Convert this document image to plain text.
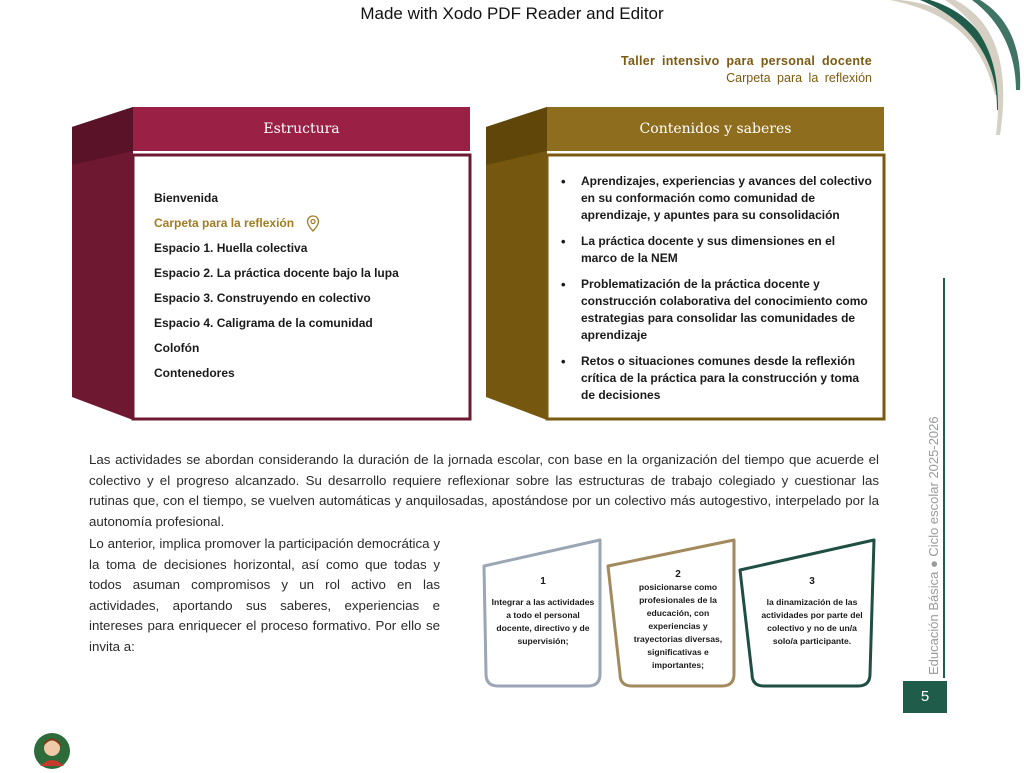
Made with Xodo PDF Reader and Editor
Taller intensivo para personal docente
Carpeta para la reflexión
Estructura
Bienvenida
Carpeta para la reflexión
Espacio 1. Huella colectiva
Espacio 2. La práctica docente bajo la lupa
Espacio 3. Construyendo en colectivo
Espacio 4. Caligrama de la comunidad
Colofón
Contenedores
Contenidos y saberes
• Aprendizajes, experiencias y avances del colectivo en su conformación como comunidad de aprendizaje, y apuntes para su consolidación
• La práctica docente y sus dimensiones en el marco de la NEM
• Problematización de la práctica docente y construcción colaborativa del conocimiento como estrategias para consolidar las comunidades de aprendizaje
• Retos o situaciones comunes desde la reflexión crítica de la práctica para la construcción y toma de decisiones
Las actividades se abordan considerando la duración de la jornada escolar, con base en la organización del tiempo que acuerde el colectivo y el progreso alcanzado. Su desarrollo requiere reflexionar sobre las estructuras de trabajo colegiado y cuestionar las rutinas que, con el tiempo, se vuelven automáticas y anquilosadas, apostándose por un colectivo más autogestivo, interpelado por la autonomía profesional.
Lo anterior, implica promover la participación democrática y la toma de decisiones horizontal, así como que todas y todos asuman compromisos y un rol activo en las actividades, aportando sus saberes, experiencias e intereses para enriquecer el proceso formativo. Por ello se invita a:
1
Integrar a las actividades a todo el personal docente, directivo y de supervisión;
2
posicionarse como profesionales de la educación, con experiencias y trayectorias diversas, significativas e importantes;
3
la dinamización de las actividades por parte del colectivo y no de un/a solo/a participante.	Educación Básica ● Ciclo escolar 2025-2026
5
